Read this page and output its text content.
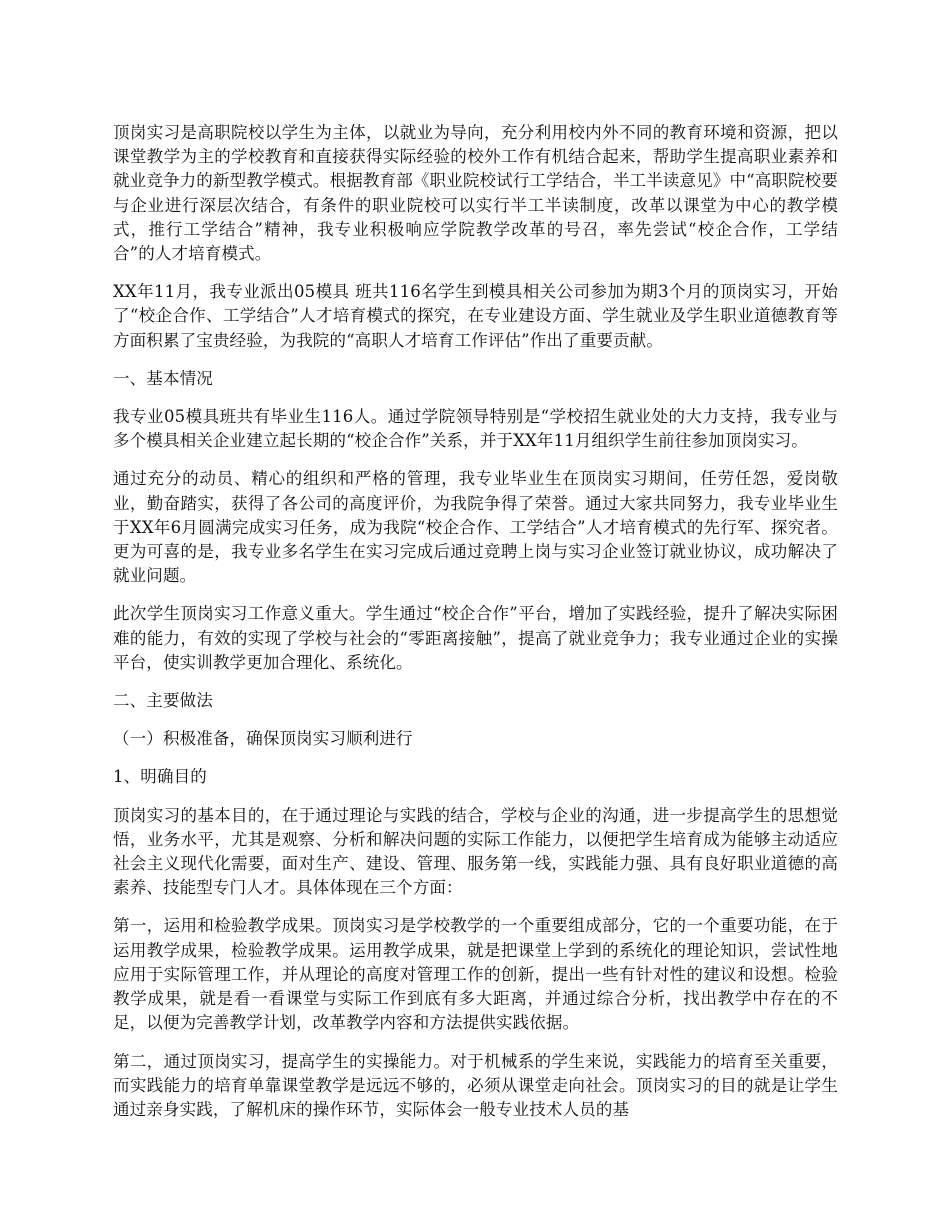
顶岗实习是高职院校以学生为主体，以就业为导向，充分利用校内外不同的教育环境和资源，把以课堂教学为主的学校教育和直接获得实际经验的校外工作有机结合起来，帮助学生提高职业素养和就业竞争力的新型教学模式。根据教育部《职业院校试行工学结合，半工半读意见》中“高职院校要与企业进行深层次结合，有条件的职业院校可以实行半工半读制度，改革以课堂为中心的教学模式，推行工学结合”精神，我专业积极响应学院教学改革的号召，率先尝试“校企合作，工学结合”的人才培育模式。

XX年11月，我专业派出05模具 班共116名学生到模具相关公司参加为期3个月的顶岗实习，开始了“校企合作、工学结合”人才培育模式的探究，在专业建设方面、学生就业及学生职业道德教育等方面积累了宝贵经验，为我院的“高职人才培育工作评估”作出了重要贡献。

一、基本情况

我专业05模具班共有毕业生116人。通过学院领导特别是“学校招生就业处的大力支持，我专业与多个模具相关企业建立起长期的“校企合作”关系，并于XX年11月组织学生前往参加顶岗实习。

通过充分的动员、精心的组织和严格的管理，我专业毕业生在顶岗实习期间，任劳任怨，爱岗敬业，勤奋踏实，获得了各公司的高度评价，为我院争得了荣誉。通过大家共同努力，我专业毕业生于XX年6月圆满完成实习任务，成为我院“校企合作、工学结合”人才培育模式的先行军、探究者。更为可喜的是，我专业多名学生在实习完成后通过竞聘上岗与实习企业签订就业协议，成功解决了就业问题。

此次学生顶岗实习工作意义重大。学生通过“校企合作”平台，增加了实践经验，提升了解决实际困难的能力，有效的实现了学校与社会的“零距离接触”，提高了就业竞争力；我专业通过企业的实操平台，使实训教学更加合理化、系统化。

二、主要做法

（一）积极准备，确保顶岗实习顺利进行

1、明确目的

顶岗实习的基本目的，在于通过理论与实践的结合，学校与企业的沟通，进一步提高学生的思想觉悟，业务水平，尤其是观察、分析和解决问题的实际工作能力，以便把学生培育成为能够主动适应社会主义现代化需要，面对生产、建设、管理、服务第一线，实践能力强、具有良好职业道德的高素养、技能型专门人才。具体体现在三个方面：

第一，运用和检验教学成果。顶岗实习是学校教学的一个重要组成部分，它的一个重要功能，在于运用教学成果，检验教学成果。运用教学成果，就是把课堂上学到的系统化的理论知识，尝试性地应用于实际管理工作，并从理论的高度对管理工作的创新，提出一些有针对性的建议和设想。检验教学成果，就是看一看课堂与实际工作到底有多大距离，并通过综合分析，找出教学中存在的不足，以便为完善教学计划，改革教学内容和方法提供实践依据。

第二，通过顶岗实习，提高学生的实操能力。对于机械系的学生来说，实践能力的培育至关重要，而实践能力的培育单靠课堂教学是远远不够的，必须从课堂走向社会。顶岗实习的目的就是让学生通过亲身实践，了解机床的操作环节，实际体会一般专业技术人员的基
